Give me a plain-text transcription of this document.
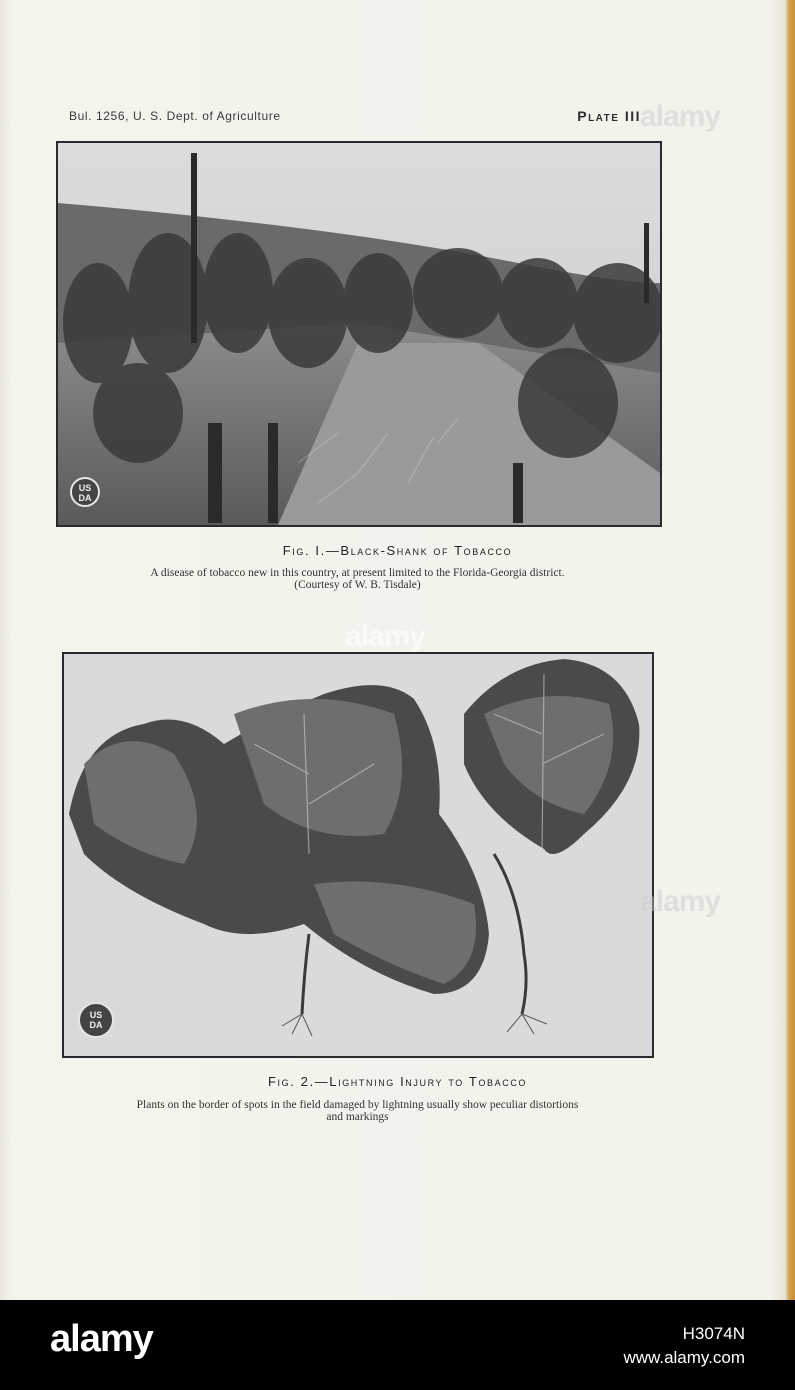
Bul. 1256, U. S. Dept. of Agriculture	Plate III
US
DA
Fig. I.—Black-Shank of Tobacco
A disease of tobacco new in this country, at present limited to the Florida-Georgia district.
(Courtesy of W. B. Tisdale)
alamy
US
DA
Fig. 2.—Lightning Injury to Tobacco
Plants on the border of spots in the field damaged by lightning usually show peculiar distortions
and markings
alamy
alamy
alamy	H3074N
www.alamy.com
